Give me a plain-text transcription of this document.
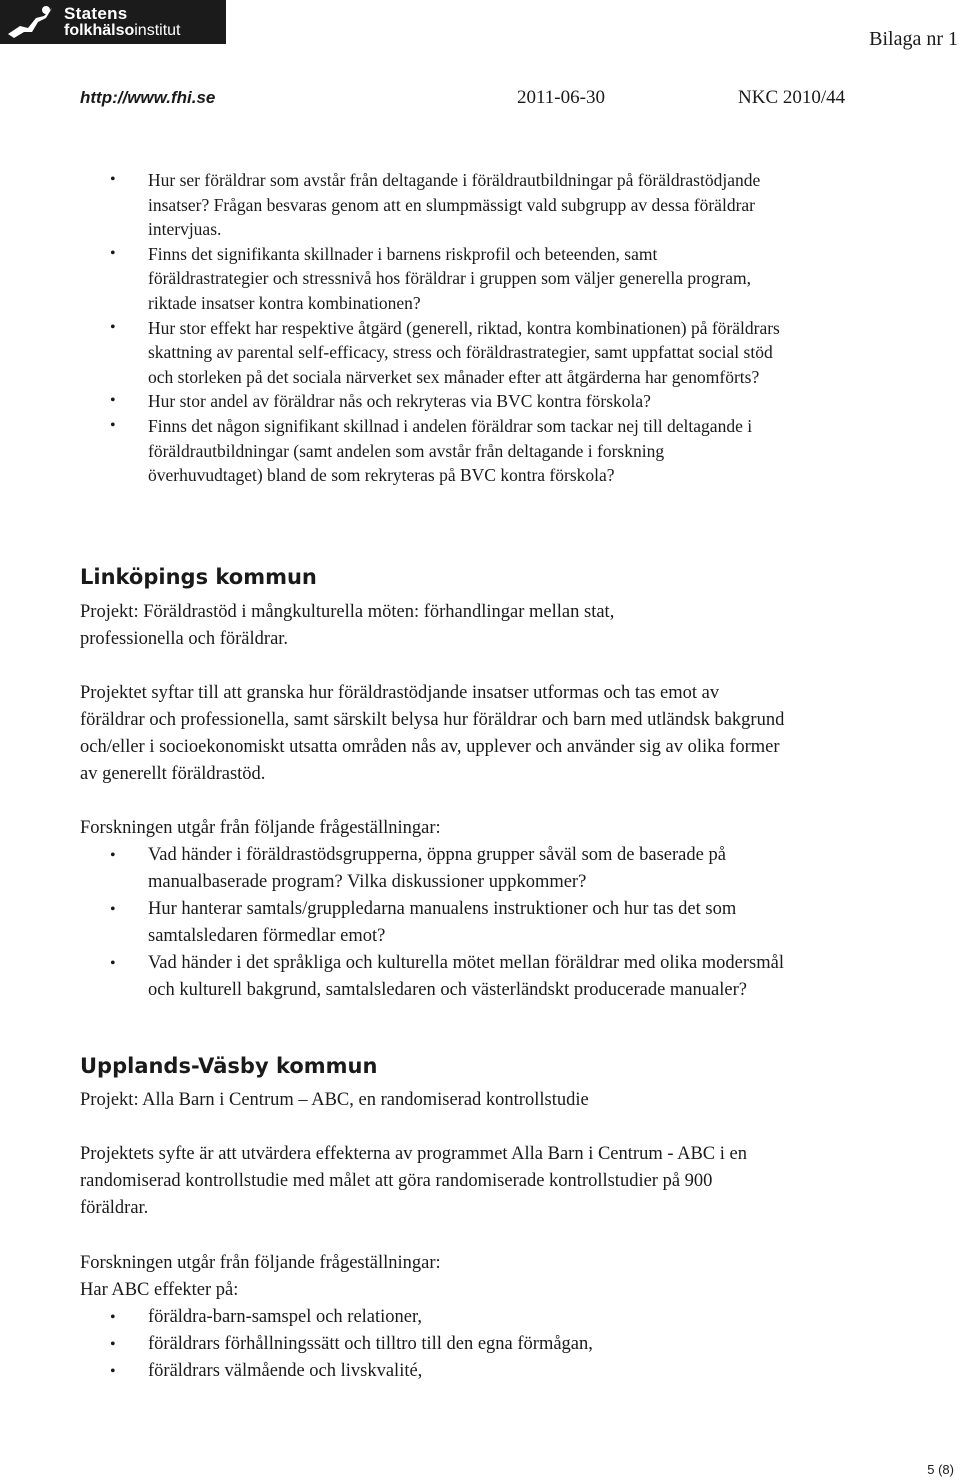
Statens
folkhälsoinstitut	Bilaga nr 1
http://www.fhi.se	2011-06-30	NKC 2010/44
• Hur ser föräldrar som avstår från deltagande i föräldrautbildningar på föräldrastödjande insatser? Frågan besvaras genom att en slumpmässigt vald subgrupp av dessa föräldrar intervjuas.
• Finns det signifikanta skillnader i barnens riskprofil och beteenden, samt föräldrastrategier och stressnivå hos föräldrar i gruppen som väljer generella program, riktade insatser kontra kombinationen?
• Hur stor effekt har respektive åtgärd (generell, riktad, kontra kombinationen) på föräldrars skattning av parental self-efficacy, stress och föräldrastrategier, samt uppfattat social stöd och storleken på det sociala närverket sex månader efter att åtgärderna har genomförts?
• Hur stor andel av föräldrar nås och rekryteras via BVC kontra förskola?
• Finns det någon signifikant skillnad i andelen föräldrar som tackar nej till deltagande i föräldrautbildningar (samt andelen som avstår från deltagande i forskning överhuvudtaget) bland de som rekryteras på BVC kontra förskola?
Linköpings kommun

Projekt: Föräldrastöd i mångkulturella möten: förhandlingar mellan stat, professionella och föräldrar.

Projektet syftar till att granska hur föräldrastödjande insatser utformas och tas emot av föräldrar och professionella, samt särskilt belysa hur föräldrar och barn med utländsk bakgrund och/eller i socioekonomiskt utsatta områden nås av, upplever och använder sig av olika former av generellt föräldrastöd.

Forskningen utgår från följande frågeställningar:

• Vad händer i föräldrastödsgrupperna, öppna grupper såväl som de baserade på manualbaserade program? Vilka diskussioner uppkommer?
• Hur hanterar samtals/gruppledarna manualens instruktioner och hur tas det som samtalsledaren förmedlar emot?
• Vad händer i det språkliga och kulturella mötet mellan föräldrar med olika modersmål och kulturell bakgrund, samtalsledaren och västerländskt producerade manualer?
Upplands-Väsby kommun

Projekt: Alla Barn i Centrum – ABC, en randomiserad kontrollstudie

Projektets syfte är att utvärdera effekterna av programmet Alla Barn i Centrum - ABC i en randomiserad kontrollstudie med målet att göra randomiserade kontrollstudier på 900 föräldrar.

Forskningen utgår från följande frågeställningar:

Har ABC effekter på:

• föräldra-barn-samspel och relationer,
• föräldrars förhållningssätt och tilltro till den egna förmågan,
• föräldrars välmående och livskvalité,
5 (8)
